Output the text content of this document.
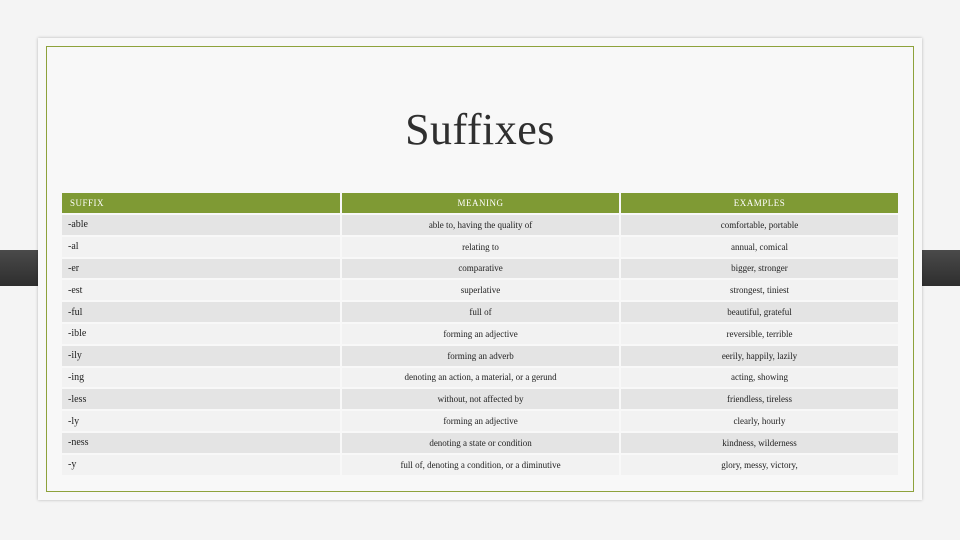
Suffixes
SUFFIX	MEANING	EXAMPLES
-able	able to, having the quality of	comfortable, portable
-al	relating to	annual, comical
-er	comparative	bigger, stronger
-est	superlative	strongest, tiniest
-ful	full of	beautiful, grateful
-ible	forming an adjective	reversible, terrible
-ily	forming an adverb	eerily, happily, lazily
-ing	denoting an action, a material, or a gerund	acting, showing
-less	without, not affected by	friendless, tireless
-ly	forming an adjective	clearly, hourly
-ness	denoting a state or condition	kindness, wilderness
-y	full of, denoting a condition, or a diminutive	glory, messy, victory,
